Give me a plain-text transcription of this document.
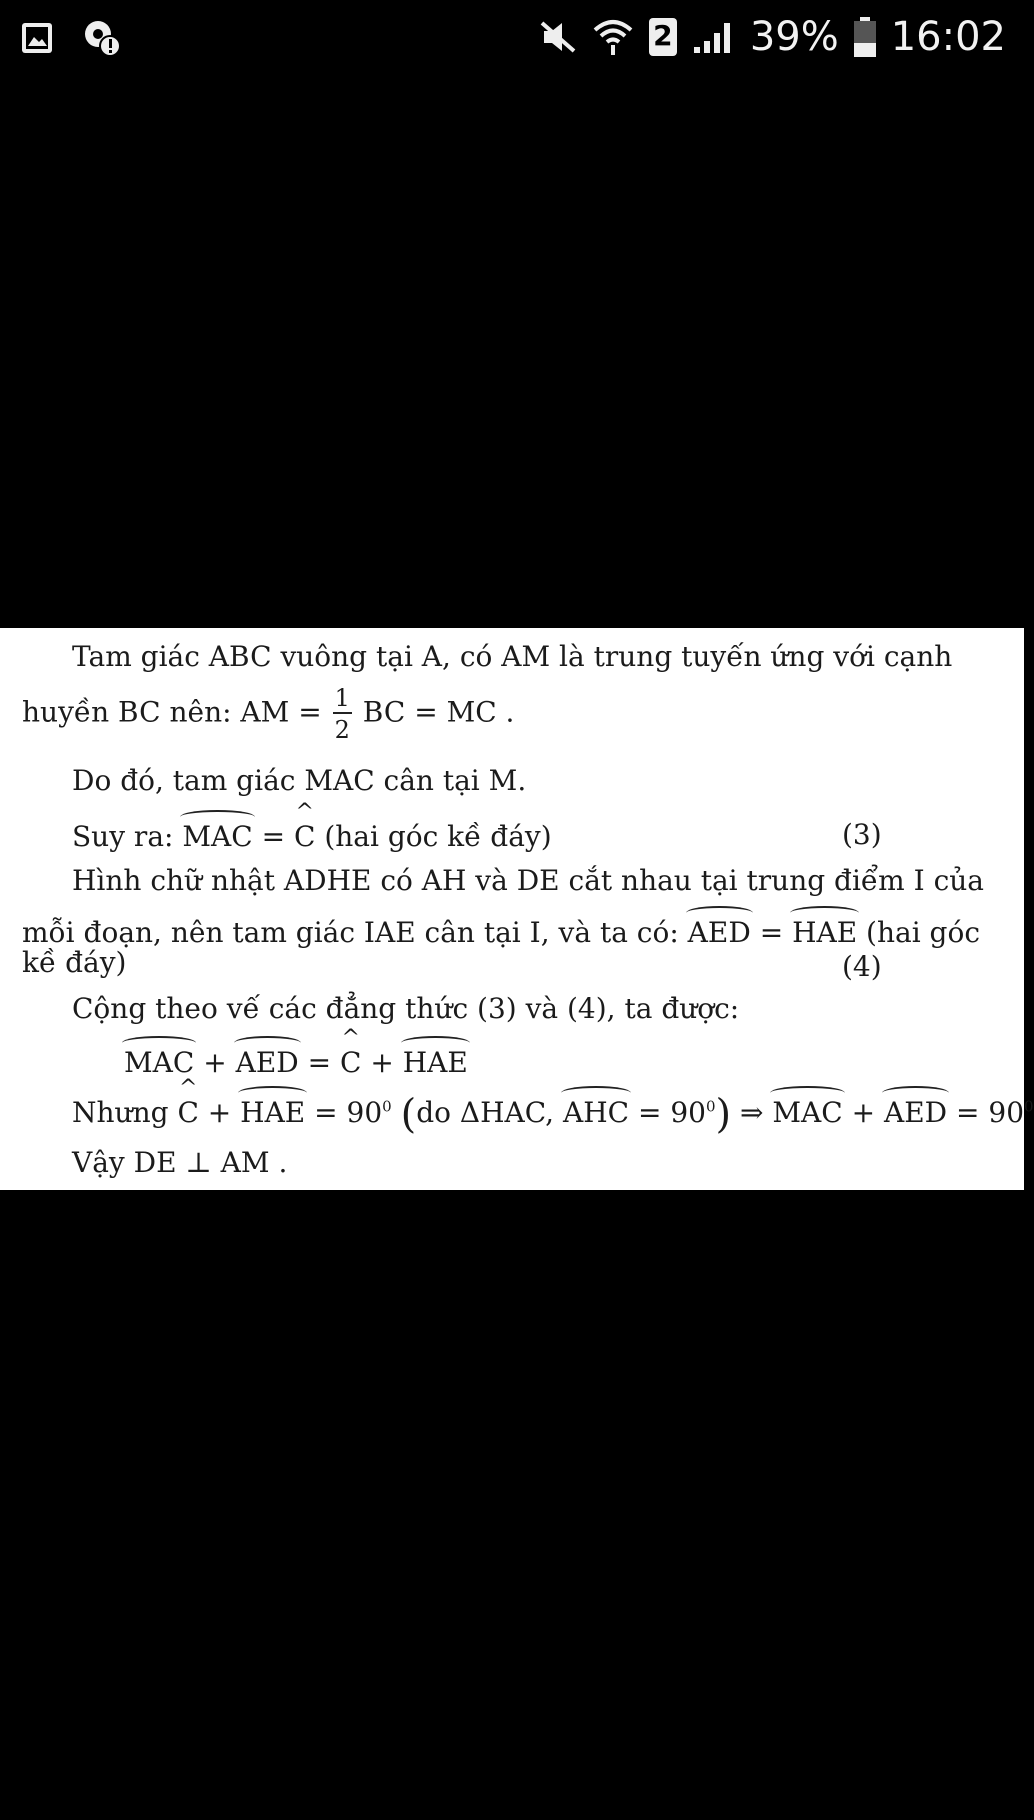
2 39% 16:02
Tam giác ABC vuông tại A, có AM là trung tuyến ứng với cạnh
huyền BC nên: AM = $\frac{1}{2}$ BC = MC .
Do đó, tam giác MAC cân tại M.
Suy ra: MAC = ^ C (hai góc kề đáy)	(3)
Hình chữ nhật ADHE có AH và DE cắt nhau tại trung điểm I của
mỗi đoạn, nên tam giác IAE cân tại I, và ta có: AED = HAE (hai góc
kề đáy)	(4)
Cộng theo vế các đẳng thức (3) và (4), ta được:
MAC + AED = ^ C + HAE
Nhưng ^ C + HAE = $90^0$ (do ΔHAC, AHC = $90^0$) ⇒ MAC + AED = $90^0$
Vậy DE ⊥ AM .
